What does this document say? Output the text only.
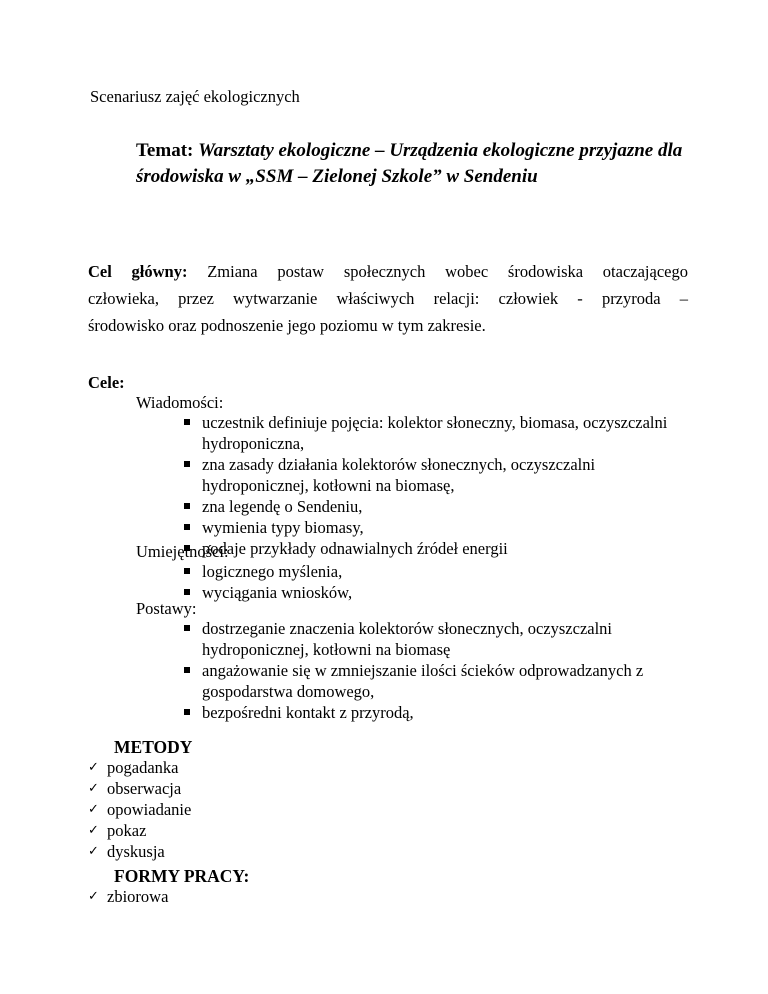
Scenariusz zajęć ekologicznych
Temat: Warsztaty ekologiczne – Urządzenia ekologiczne przyjazne dla środowiska w „SSM – Zielonej Szkole” w Sendeniu
Cel główny: Zmiana postaw społecznych wobec środowiska otaczającego
człowieka, przez wytwarzanie właściwych relacji: człowiek - przyroda –
środowisko oraz podnoszenie jego poziomu w tym zakresie.
Cele:
Wiadomości:
uczestnik definiuje pojęcia: kolektor słoneczny, biomasa, oczyszczalni hydroponiczna,
zna zasady działania kolektorów słonecznych, oczyszczalni hydroponicznej, kotłowni na biomasę,
zna legendę o Sendeniu,
wymienia typy biomasy,
podaje przykłady odnawialnych źródeł energii
Umiejętności:
logicznego myślenia,
wyciągania wniosków,
Postawy:
dostrzeganie znaczenia kolektorów słonecznych, oczyszczalni hydroponicznej, kotłowni na biomasę
angażowanie się w zmniejszanie ilości ścieków odprowadzanych z gospodarstwa domowego,
bezpośredni kontakt z przyrodą,
METODY
✓ pogadanka
✓ obserwacja
✓ opowiadanie
✓ pokaz
✓ dyskusja
FORMY PRACY:
✓ zbiorowa
